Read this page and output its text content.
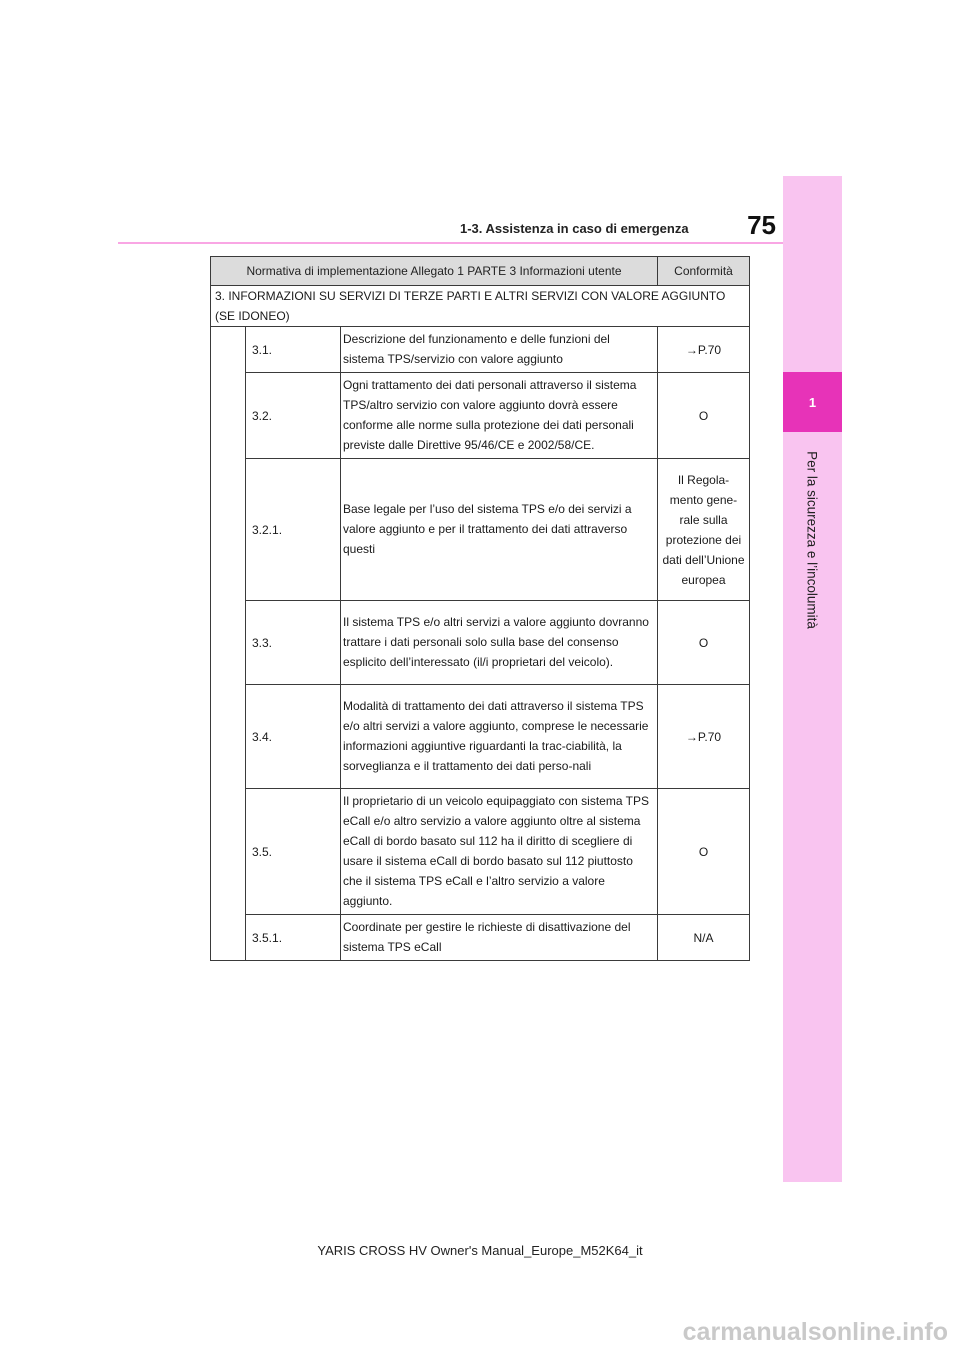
1
Per la sicurezza e l’incolumità
75
1-3. Assistenza in caso di emergenza
Normativa di implementazione Allegato 1 PARTE 3 Informazioni utente			Conformità
3. INFORMAZIONI SU SERVIZI DI TERZE PARTI E ALTRI SERVIZI CON VALORE AGGIUNTO (SE IDONEO)			
	3.1.	Descrizione del funzionamento e delle funzioni del sistema TPS/servizio con valore aggiunto	→P.70
	3.2.	Ogni trattamento dei dati personali attraverso il sistema TPS/altro servizio con valore aggiunto dovrà essere conforme alle norme sulla protezione dei dati personali previste dalle Direttive 95/46/CE e 2002/58/CE.	O
	3.2.1.	Base legale per l’uso del sistema TPS e/o dei servizi a valore aggiunto e per il trattamento dei dati attraverso questi	Il Regola-mento gene-rale sulla protezione dei dati dell’Unione europea
	3.3.	Il sistema TPS e/o altri servizi a valore aggiunto dovranno trattare i dati personali solo sulla base del consenso esplicito dell’interessato (il/i proprietari del veicolo).	O
	3.4.	Modalità di trattamento dei dati attraverso il sistema TPS e/o altri servizi a valore aggiunto, comprese le necessarie informazioni aggiuntive riguardanti la trac-ciabilità, la sorveglianza e il trattamento dei dati perso-nali	→P.70
	3.5.	Il proprietario di un veicolo equipaggiato con sistema TPS eCall e/o altro servizio a valore aggiunto oltre al sistema eCall di bordo basato sul 112 ha il diritto di scegliere di usare il sistema eCall di bordo basato sul 112 piuttosto che il sistema TPS eCall e l’altro servizio a valore aggiunto.	O
	3.5.1.	Coordinate per gestire le richieste di disattivazione del sistema TPS eCall	N/A
YARIS CROSS HV Owner's Manual_Europe_M52K64_it
carmanualsonline.info
